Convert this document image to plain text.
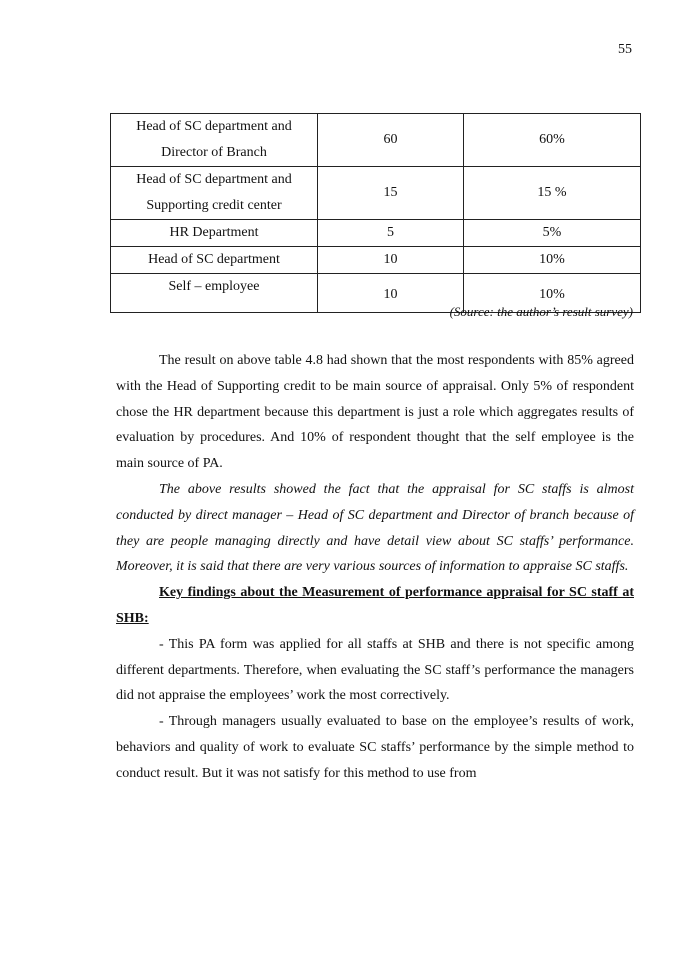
55
Head of SC department and Director of Branch	60	60%
Head of SC department and Supporting credit center	15	15 %
HR Department	5	5%
Head of SC department	10	10%
Self – employee	10	10%
(Source: the author’s result survey)

The result on above table 4.8 had shown that the most respondents with 85% agreed with the Head of Supporting credit to be main source of appraisal. Only 5% of respondent chose the HR department because this department is just a role which aggregates results of evaluation by procedures. And 10% of respondent thought that the self employee is the main source of PA.

The above results showed the fact that the appraisal for SC staffs is almost conducted by direct manager – Head of SC department and Director of branch because of they are people managing directly and have detail view about SC staffs’ performance. Moreover, it is said that there are very various sources of information to appraise SC staffs.

Key findings about the Measurement of performance appraisal for SC staff at SHB:

- This PA form was applied for all staffs at SHB and there is not specific among different departments. Therefore, when evaluating the SC staff’s performance the managers did not appraise the employees’ work the most correctively.

- Through managers usually evaluated to base on the employee’s results of work, behaviors and quality of work to evaluate SC staffs’ performance by the simple method to conduct result. But it was not satisfy for this method to use from
